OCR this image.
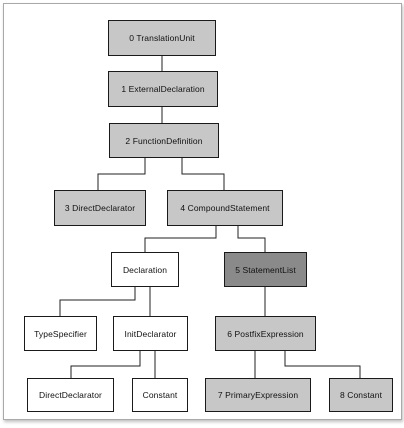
0 TranslationUnit
1 ExternalDeclaration
2 FunctionDefinition
3 DirectDeclarator	4 CompoundStatement
Declaration	5 StatementList
TypeSpecifier	InitDeclarator	6 PostfixExpression
DirectDeclarator	Constant	7 PrimaryExpression	8 Constant
